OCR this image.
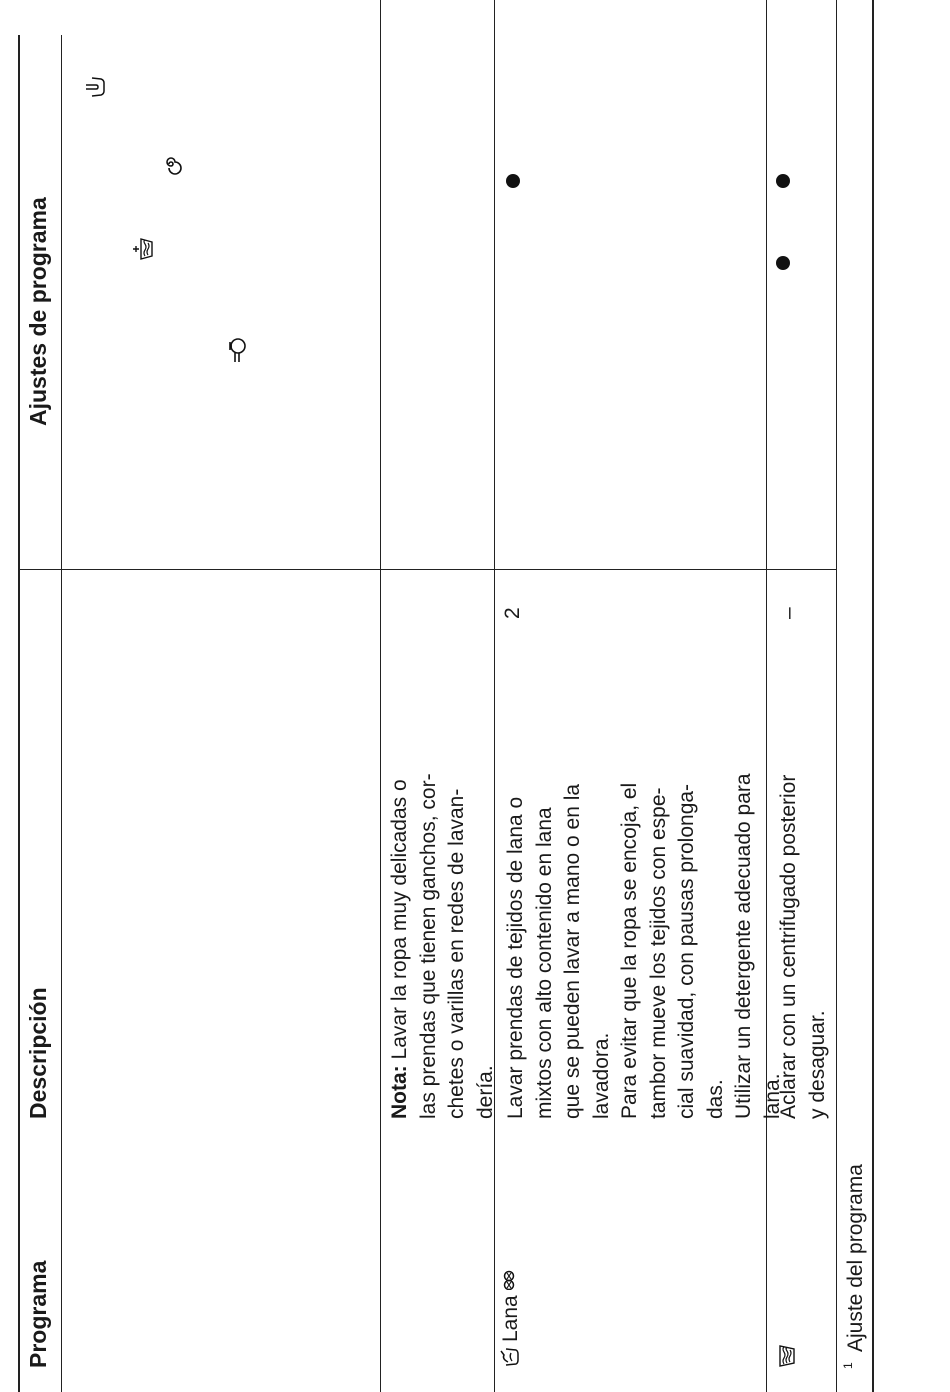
Programa
Descripción
Ajustes de programa
Nota: Lavar la ropa muy delicadas o las prendas que tienen ganchos, cor- chetes o varillas en redes de lavan- dería.
Lana
Lavar prendas de tejidos de lana o mixtos con alto contenido en lana que se pueden lavar a mano o en la lavadora. Para evitar que la ropa se encoja, el tambor mueve los tejidos con espe- cial suavidad, con pausas prolonga- das. Utilizar un detergente adecuado para lana.
2
Aclarar con un centrifugado posterior y desaguar.
–
1
Ajuste del programa
